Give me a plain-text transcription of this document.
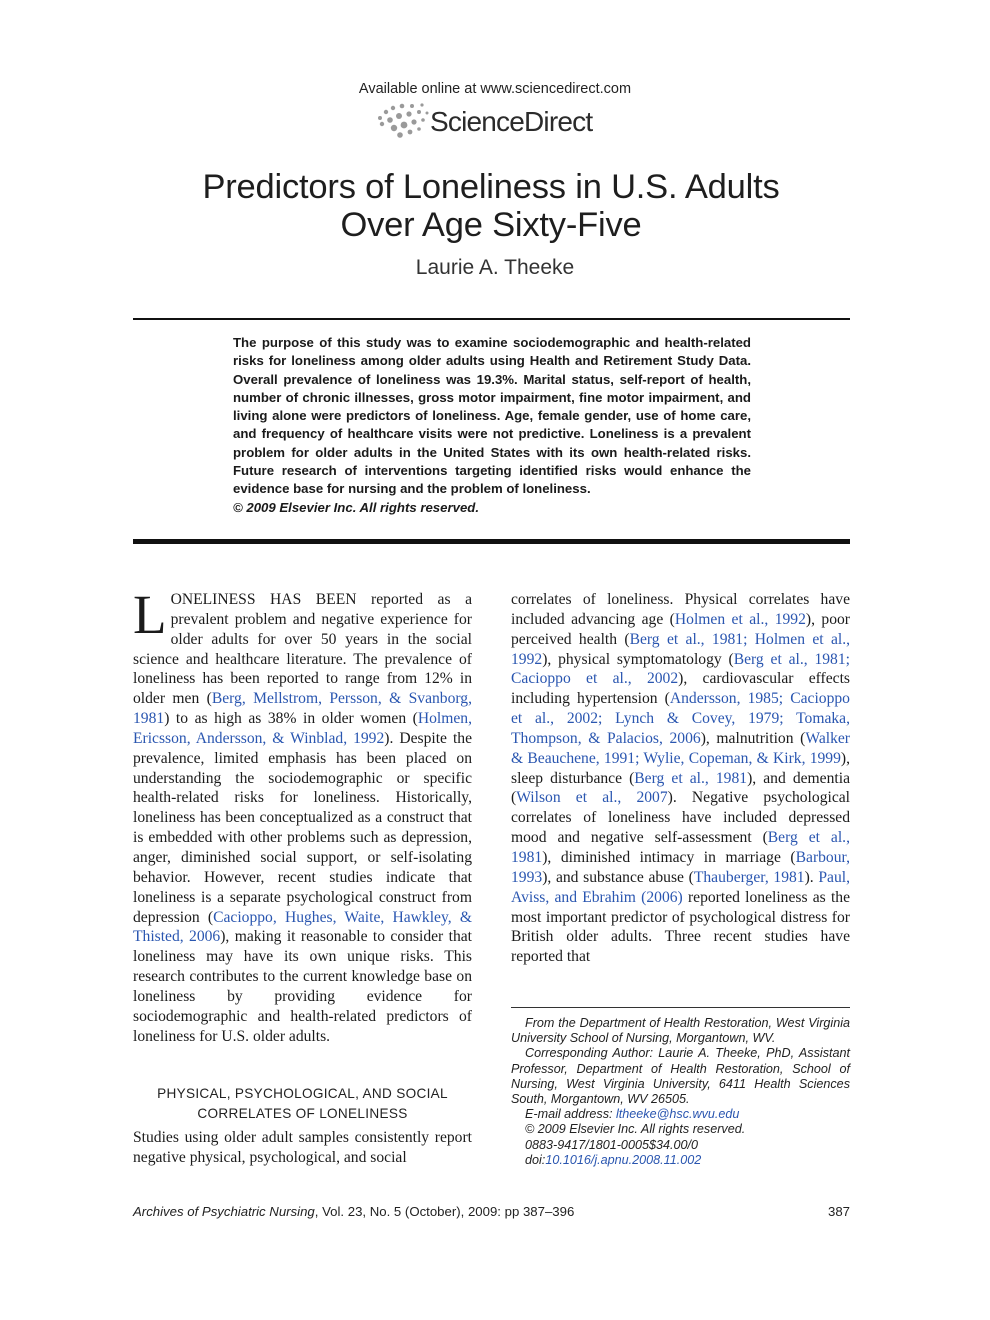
Available online at www.sciencedirect.com
ScienceDirect
Predictors of Loneliness in U.S. Adults
Over Age Sixty-Five
Laurie A. Theeke
The purpose of this study was to examine sociodemographic and health-related risks for loneliness among older adults using Health and Retirement Study Data. Overall prevalence of loneliness was 19.3%. Marital status, self-report of health, number of chronic illnesses, gross motor impairment, fine motor impairment, and living alone were predictors of loneliness. Age, female gender, use of home care, and frequency of healthcare visits were not predictive. Loneliness is a prevalent problem for older adults in the United States with its own health-related risks. Future research of interventions targeting identified risks would enhance the evidence base for nursing and the problem of loneliness.
© 2009 Elsevier Inc. All rights reserved.
LONELINESS HAS BEEN reported as a prevalent problem and negative experience for older adults for over 50 years in the social science and healthcare literature. The prevalence of loneliness has been reported to range from 12% in older men (Berg, Mellstrom, Persson, & Svanborg, 1981) to as high as 38% in older women (Holmen, Ericsson, Andersson, & Winblad, 1992). Despite the prevalence, limited emphasis has been placed on understanding the sociodemographic or specific health-related risks for loneliness. Historically, loneliness has been conceptualized as a construct that is embedded with other problems such as depression, anger, diminished social support, or self-isolating behavior. However, recent studies indicate that loneliness is a separate psychological construct from depression (Cacioppo, Hughes, Waite, Hawkley, & Thisted, 2006), making it reasonable to consider that loneliness may have its own unique risks. This research contributes to the current knowledge base on loneliness by providing evidence for sociodemographic and health-related predictors of loneliness for U.S. older adults.
PHYSICAL, PSYCHOLOGICAL, AND SOCIAL
CORRELATES OF LONELINESS
Studies using older adult samples consistently report negative physical, psychological, and social
correlates of loneliness. Physical correlates have included advancing age (Holmen et al., 1992), poor perceived health (Berg et al., 1981; Holmen et al., 1992), physical symptomatology (Berg et al., 1981; Cacioppo et al., 2002), cardiovascular effects including hypertension (Andersson, 1985; Cacioppo et al., 2002; Lynch & Covey, 1979; Tomaka, Thompson, & Palacios, 2006), malnutrition (Walker & Beauchene, 1991; Wylie, Copeman, & Kirk, 1999), sleep disturbance (Berg et al., 1981), and dementia (Wilson et al., 2007). Negative psychological correlates of loneliness have included depressed mood and negative self-assessment (Berg et al., 1981), diminished intimacy in marriage (Barbour, 1993), and substance abuse (Thauberger, 1981). Paul, Aviss, and Ebrahim (2006) reported loneliness as the most important predictor of psychological distress for British older adults. Three recent studies have reported that

From the Department of Health Restoration, West Virginia University School of Nursing, Morgantown, WV.

Corresponding Author: Laurie A. Theeke, PhD, Assistant Professor, Department of Health Restoration, School of Nursing, West Virginia University, 6411 Health Sciences South, Morgantown, WV 26505.

E-mail address: ltheeke@hsc.wvu.edu
© 2009 Elsevier Inc. All rights reserved.
0883-9417/1801-0005$34.00/0
doi:10.1016/j.apnu.2008.11.002
Archives of Psychiatric Nursing, Vol. 23, No. 5 (October), 2009: pp 387–396	387
